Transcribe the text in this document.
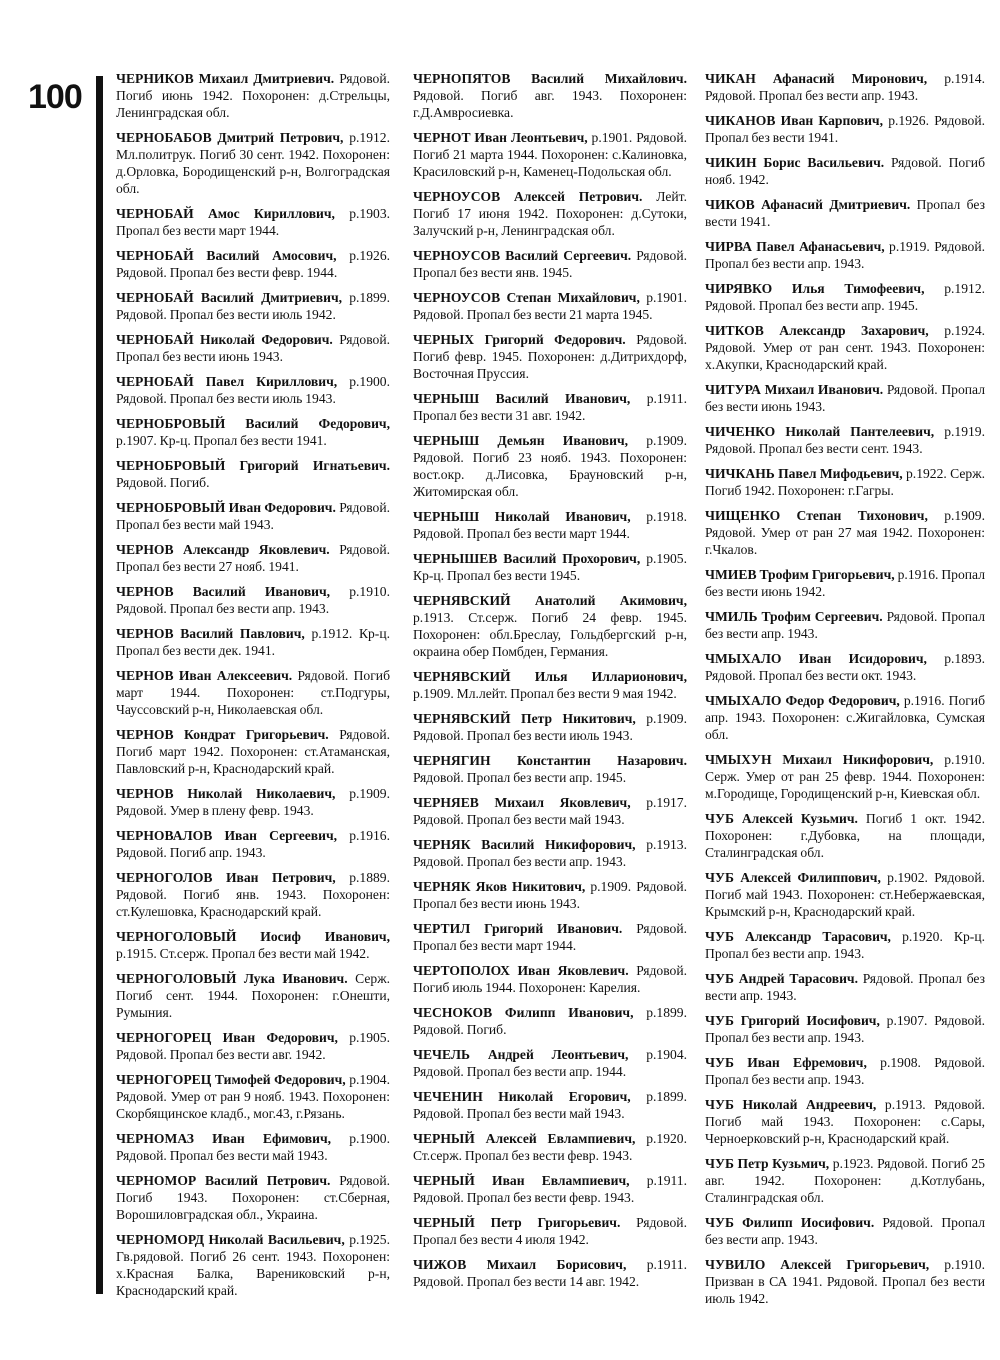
100	ЧЕРНИКОВ Михаил Дмитриевич. Рядовой. Погиб июнь 1942. Похоронен: д.Стрельцы, Ленинградская обл.

ЧЕРНОБАБОВ Дмитрий Петрович, р.1912. Мл.политрук. Погиб 30 сент. 1942. Похоронен: д.Орловка, Бородищенский р-н, Волгоградская обл.

ЧЕРНОБАЙ Амос Кириллович, р.1903. Пропал без вести март 1944.

ЧЕРНОБАЙ Василий Амосович, р.1926. Рядовой. Пропал без вести февр. 1944.

ЧЕРНОБАЙ Василий Дмитриевич, р.1899. Рядовой. Пропал без вести июль 1942.

ЧЕРНОБАЙ Николай Федорович. Рядовой. Пропал без вести июнь 1943.

ЧЕРНОБАЙ Павел Кириллович, р.1900. Рядовой. Пропал без вести июль 1943.

ЧЕРНОБРОВЫЙ Василий Федорович, р.1907. Кр-ц. Пропал без вести 1941.

ЧЕРНОБРОВЫЙ Григорий Игнатьевич. Рядовой. Погиб.

ЧЕРНОБРОВЫЙ Иван Федорович. Рядовой. Пропал без вести май 1943.

ЧЕРНОВ Александр Яковлевич. Рядовой. Пропал без вести 27 нояб. 1941.

ЧЕРНОВ Василий Иванович, р.1910. Рядовой. Пропал без вести апр. 1943.

ЧЕРНОВ Василий Павлович, р.1912. Кр-ц. Пропал без вести дек. 1941.

ЧЕРНОВ Иван Алексеевич. Рядовой. Погиб март 1944. Похоронен: ст.Подгуры, Чаусcовский р-н, Николаевская обл.

ЧЕРНОВ Кондрат Григорьевич. Рядовой. Погиб март 1942. Похоронен: ст.Атаманская, Павловский р-н, Краснодарский край.

ЧЕРНОВ Николай Николаевич, р.1909. Рядовой. Умер в плену февр. 1943.

ЧЕРНОВАЛОВ Иван Сергеевич, р.1916. Рядовой. Погиб апр. 1943.

ЧЕРНОГОЛОВ Иван Петрович, р.1889. Рядовой. Погиб янв. 1943. Похоронен: ст.Кулешовка, Краснодарский край.

ЧЕРНОГОЛОВЫЙ Иосиф Иванович, р.1915. Ст.серж. Пропал без вести май 1942.

ЧЕРНОГОЛОВЫЙ Лука Иванович. Серж. Погиб сент. 1944. Похоронен: г.Онешти, Румыния.

ЧЕРНОГОРЕЦ Иван Федорович, р.1905. Рядовой. Пропал без вести авг. 1942.

ЧЕРНОГОРЕЦ Тимофей Федорович, р.1904. Рядовой. Умер от ран 9 нояб. 1943. Похоронен: Скорбящинское кладб., мог.43, г.Рязань.

ЧЕРНОМАЗ Иван Ефимович, р.1900. Рядовой. Пропал без вести май 1943.

ЧЕРНОМОР Василий Петрович. Рядовой. Погиб 1943. Похоронен: ст.Сберная, Ворошиловградская обл., Украина.

ЧЕРНОМОРД Николай Васильевич, р.1925. Гв.рядовой. Погиб 26 сент. 1943. Похоронен: х.Красная Балка, Варениковский р-н, Краснодарский край.

ЧЕРНОПЯТОВ Василий Михайлович. Рядовой. Погиб авг. 1943. Похоронен: г.Д.Амвросиевка.

ЧЕРНОТ Иван Леонтьевич, р.1901. Рядовой. Погиб 21 марта 1944. Похоронен: с.Калиновка, Красиловский р-н, Каменец-Подольская обл.

ЧЕРНОУСОВ Алексей Петрович. Лейт. Погиб 17 июня 1942. Похоронен: д.Сутоки, Залучский р-н, Ленинградская обл.

ЧЕРНОУСОВ Василий Сергеевич. Рядовой. Пропал без вести янв. 1945.

ЧЕРНОУСОВ Степан Михайлович, р.1901. Рядовой. Пропал без вести 21 марта 1945.

ЧЕРНЫХ Григорий Федорович. Рядовой. Погиб февр. 1945. Похоронен: д.Дитрихдорф, Восточная Пруссия.

ЧЕРНЫШ Василий Иванович, р.1911. Пропал без вести 31 авг. 1942.

ЧЕРНЫШ Демьян Иванович, р.1909. Рядовой. Погиб 23 нояб. 1943. Похоронен: вост.окр. д.Лисовка, Брауновский р-н, Житомирская обл.

ЧЕРНЫШ Николай Иванович, р.1918. Рядовой. Пропал без вести март 1944.

ЧЕРНЫШЕВ Василий Прохорович, р.1905. Кр-ц. Пропал без вести 1945.

ЧЕРНЯВСКИЙ Анатолий Акимович, р.1913. Ст.серж. Погиб 24 февр. 1945. Похоронен: обл.Бреслау, Гольдбергский р-н, окраина обер Помбден, Германия.

ЧЕРНЯВСКИЙ Илья Илларионович, р.1909. Мл.лейт. Пропал без вести 9 мая 1942.

ЧЕРНЯВСКИЙ Петр Никитович, р.1909. Рядовой. Пропал без вести июль 1943.

ЧЕРНЯГИН Константин Назарович. Рядовой. Пропал без вести апр. 1945.

ЧЕРНЯЕВ Михаил Яковлевич, р.1917. Рядовой. Пропал без вести май 1943.

ЧЕРНЯК Василий Никифорович, р.1913. Рядовой. Пропал без вести апр. 1943.

ЧЕРНЯК Яков Никитович, р.1909. Рядовой. Пропал без вести июнь 1943.

ЧЕРТИЛ Григорий Иванович. Рядовой. Пропал без вести март 1944.

ЧЕРТОПОЛОХ Иван Яковлевич. Рядовой. Погиб июль 1944. Похоронен: Карелия.

ЧЕСНОКОВ Филипп Иванович, р.1899. Рядовой. Погиб.

ЧЕЧЕЛЬ Андрей Леонтьевич, р.1904. Рядовой. Пропал без вести апр. 1944.

ЧЕЧЕНИН Николай Егорович, р.1899. Рядовой. Пропал без вести май 1943.

ЧЕРНЫЙ Алексей Евлампиевич, р.1920. Ст.серж. Пропал без вести февр. 1943.

ЧЕРНЫЙ Иван Евлампиевич, р.1911. Рядовой. Пропал без вести февр. 1943.

ЧЕРНЫЙ Петр Григорьевич. Рядовой. Пропал без вести 4 июля 1942.

ЧИЖОВ Михаил Борисович, р.1911. Рядовой. Пропал без вести 14 авг. 1942.

ЧИКАН Афанасий Миронович, р.1914. Рядовой. Пропал без вести апр. 1943.

ЧИКАНОВ Иван Карпович, р.1926. Рядовой. Пропал без вести 1941.

ЧИКИН Борис Васильевич. Рядовой. Погиб нояб. 1942.

ЧИКОВ Афанасий Дмитриевич. Пропал без вести 1941.

ЧИРВА Павел Афанасьевич, р.1919. Рядовой. Пропал без вести апр. 1943.

ЧИРЯВКО Илья Тимофеевич, р.1912. Рядовой. Пропал без вести апр. 1945.

ЧИТКОВ Александр Захарович, р.1924. Рядовой. Умер от ран сент. 1943. Похоронен: х.Акупки, Краснодарский край.

ЧИТУРА Михаил Иванович. Рядовой. Пропал без вести июнь 1943.

ЧИЧЕНКО Николай Пантелеевич, р.1919. Рядовой. Пропал без вести сент. 1943.

ЧИЧКАНЬ Павел Мифодьевич, р.1922. Серж. Погиб 1942. Похоронен: г.Гагры.

ЧИЩЕНКО Степан Тихонович, р.1909. Рядовой. Умер от ран 27 мая 1942. Похоронен: г.Чкалов.

ЧМИЕВ Трофим Григорьевич, р.1916. Пропал без вести июнь 1942.

ЧМИЛЬ Трофим Сергеевич. Рядовой. Пропал без вести апр. 1943.

ЧМЫХАЛО Иван Исидорович, р.1893. Рядовой. Пропал без вести окт. 1943.

ЧМЫХАЛО Федор Федорович, р.1916. Погиб апр. 1943. Похоронен: с.Жигайловка, Сумская обл.

ЧМЫХУН Михаил Никифорович, р.1910. Серж. Умер от ран 25 февр. 1944. Похоронен: м.Городище, Городищенский р-н, Киевская обл.

ЧУБ Алексей Кузьмич. Погиб 1 окт. 1942. Похоронен: г.Дубовка, на площади, Сталинградская обл.

ЧУБ Алексей Филиппович, р.1902. Рядовой. Погиб май 1943. Похоронен: ст.Небержаевская, Крымский р-н, Краснодарский край.

ЧУБ Александр Тарасович, р.1920. Кр-ц. Пропал без вести апр. 1943.

ЧУБ Андрей Тарасович. Рядовой. Пропал без вести апр. 1943.

ЧУБ Григорий Иосифович, р.1907. Рядовой. Пропал без вести апр. 1943.

ЧУБ Иван Ефремович, р.1908. Рядовой. Пропал без вести апр. 1943.

ЧУБ Николай Андреевич, р.1913. Рядовой. Погиб май 1943. Похоронен: с.Сары, Черноерковский р-н, Краснодарский край.

ЧУБ Петр Кузьмич, р.1923. Рядовой. Погиб 25 авг. 1942. Похоронен: д.Котлубань, Сталинградская обл.

ЧУБ Филипп Иосифович. Рядовой. Пропал без вести апр. 1943.

ЧУВИЛО Алексей Григорьевич, р.1910. Призван в СА 1941. Рядовой. Пропал без вести июль 1942.
